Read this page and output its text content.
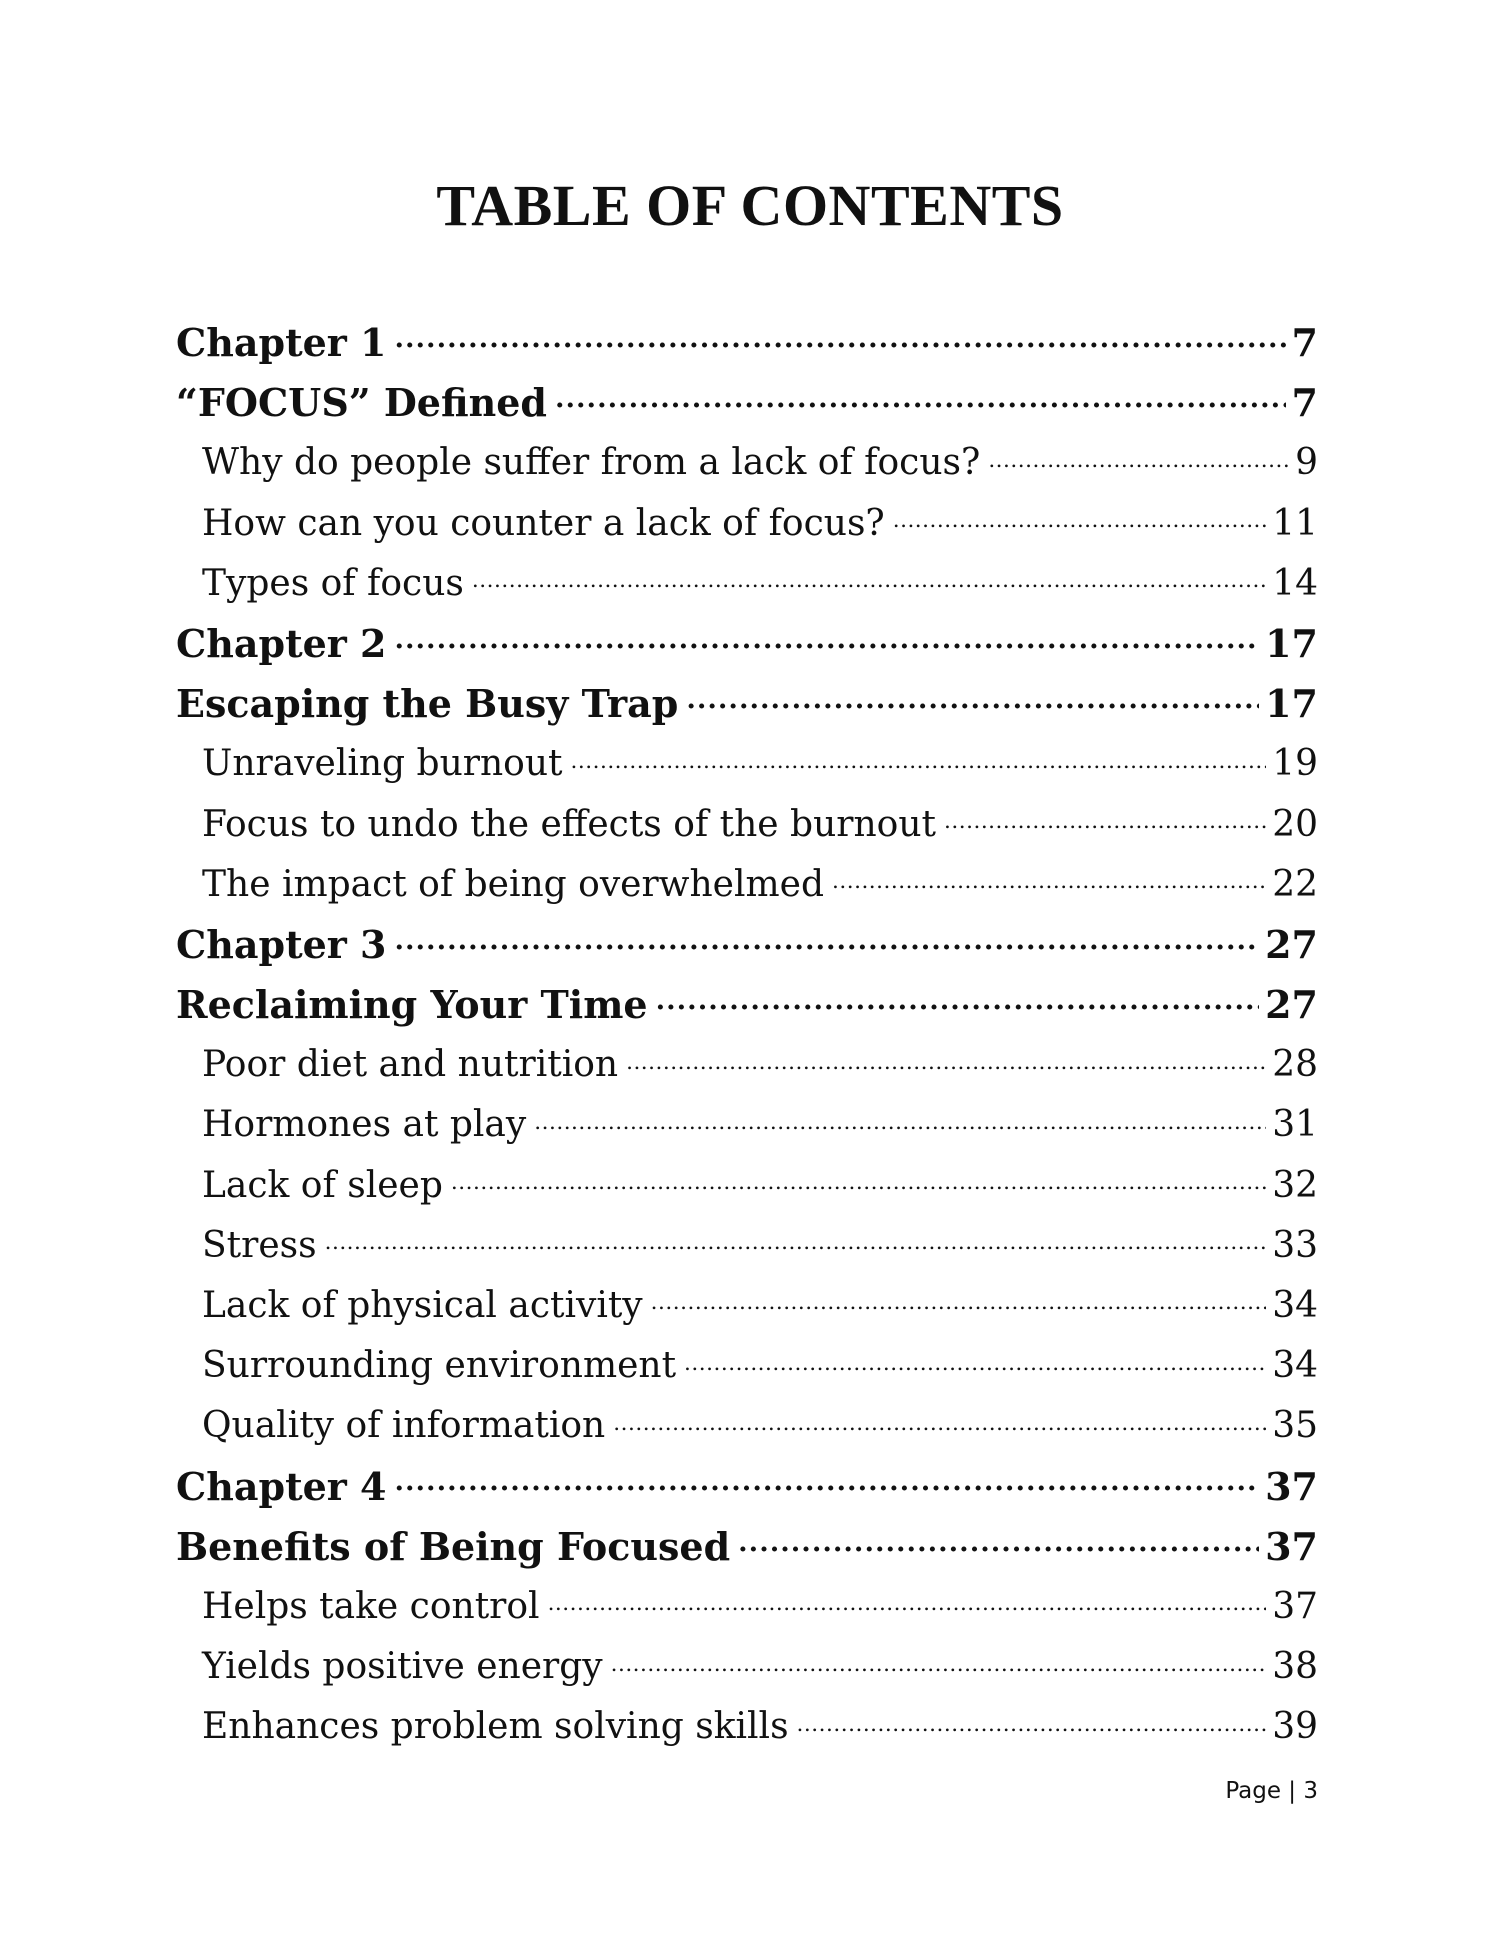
TABLE OF CONTENTS
Chapter 1 .....	7
“FOCUS” Defined .....	7
Why do people suffer from a lack of focus? .....	9
How can you counter a lack of focus? .....	11
Types of focus .....	14
Chapter 2 .....	17
Escaping the Busy Trap .....	17
Unraveling burnout .....	19
Focus to undo the effects of the burnout .....	20
The impact of being overwhelmed .....	22
Chapter 3 .....	27
Reclaiming Your Time .....	27
Poor diet and nutrition .....	28
Hormones at play .....	31
Lack of sleep .....	32
Stress .....	33
Lack of physical activity .....	34
Surrounding environment .....	34
Quality of information .....	35
Chapter 4 .....	37
Benefits of Being Focused .....	37
Helps take control .....	37
Yields positive energy .....	38
Enhances problem solving skills .....	39
Page | 3
